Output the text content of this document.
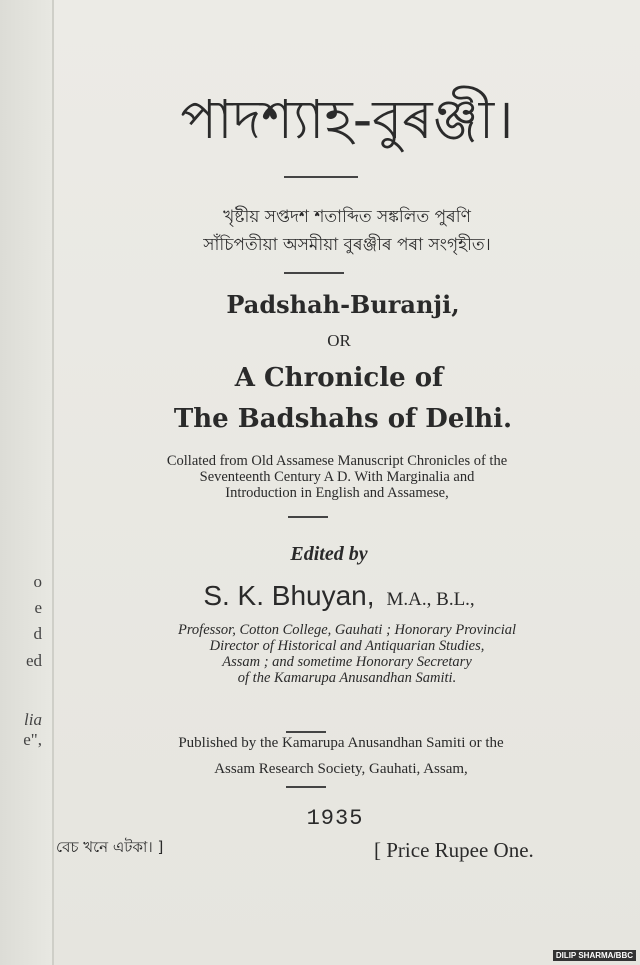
o
e
d
ed
lia
e",
পাদশ্যাহ-বুৰঞ্জী।
খৃষ্টীয় সপ্তদশ শতাব্দিত সঙ্কলিত পুৰণি
সাঁচিপতীয়া অসমীয়া বুৰঞ্জীৰ পৰা সংগৃহীত।
Padshah-Buranji,
OR
A Chronicle of
The Badshahs of Delhi.
Collated from Old Assamese Manuscript Chronicles of the
Seventeenth Century A D. With Marginalia and
Introduction in English and Assamese,
Edited by
S. K. Bhuyan, M.A., B.L.,
Professor, Cotton College, Gauhati ; Honorary Provincial
Director of Historical and Antiquarian Studies,
Assam ; and sometime Honorary Secretary
of the Kamarupa Anusandhan Samiti.
Published by the Kamarupa Anusandhan Samiti or the
Assam Research Society, Gauhati, Assam,
1935
বেচ খনে এটকা। ]	[ Price Rupee One.
DILIP SHARMA/BBC
